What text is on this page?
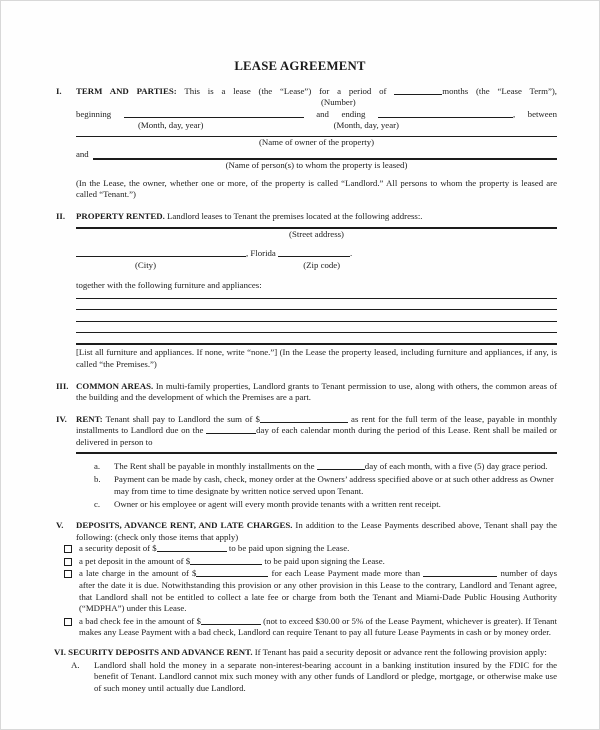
LEASE AGREEMENT
I.	TERM AND PARTIES: This is a lease (the “Lease”) for a period of	months (the “Lease Term”),
(Number)
beginning	and ending	, between
(Month, day, year)	(Month, day, year)
(Name of owner of the property)
and
(Name of person(s) to whom the property is leased)
(In the Lease, the owner, whether one or more, of the property is called “Landlord.” All persons to whom the property is leased are called “Tenant.”)
II.	PROPERTY RENTED. Landlord leases to Tenant the premises located at the following address:.
(Street address)
, Florida	.
(City)	(Zip code)
together with the following furniture and appliances:
[List all furniture and appliances. If none, write “none.”] (In the Lease the property leased, including furniture and appliances, if any, is called “the Premises.”)
III. COMMON AREAS. In multi-family properties, Landlord grants to Tenant permission to use, along with others, the common areas of the building and the development of which the Premises are a part.
IV.	RENT: Tenant shall pay to Landlord the sum of $	as rent for the full term of the lease, payable in monthly installments to Landlord due on the	day of each calendar month during the period of this Lease. Rent shall be mailed or delivered in person to
a.	The Rent shall be payable in monthly installments on the	day of each month, with a five (5) day grace period.
b.	Payment can be made by cash, check, money order at the Owners’ address specified above or at such other address as Owner may from time to time designate by written notice served upon Tenant.
c.	Owner or his employee or agent will every month provide tenants with a written rent receipt.
V.	DEPOSITS, ADVANCE RENT, AND LATE CHARGES. In addition to the Lease Payments described above, Tenant shall pay the following: (check only those items that apply)
a security deposit of $	to be paid upon signing the Lease.
a pet deposit in the amount of $	to be paid upon signing the Lease.
a late charge in the amount of $	for each Lease Payment made more than	number of days after the date it is due. Notwithstanding this provision or any other provision in this Lease to the contrary, Landlord and Tenant agree, that Landlord shall not be entitled to collect a late fee or charge from both the Tenant and Miami-Dade Public Housing Authority (“MDPHA”) under this Lease.
a bad check fee in the amount of $	(not to exceed $30.00 or 5% of the Lease Payment, whichever is greater). If Tenant makes any Lease Payment with a bad check, Landlord can require Tenant to pay all future Lease Payments in cash or by money order.
VI. SECURITY DEPOSITS AND ADVANCE RENT. If Tenant has paid a security deposit or advance rent the following provision apply:
A.	Landlord shall hold the money in a separate non-interest-bearing account in a banking institution insured by the FDIC for the benefit of Tenant. Landlord cannot mix such money with any other funds of Landlord or pledge, mortgage, or otherwise make use of such money until actually due Landlord.
